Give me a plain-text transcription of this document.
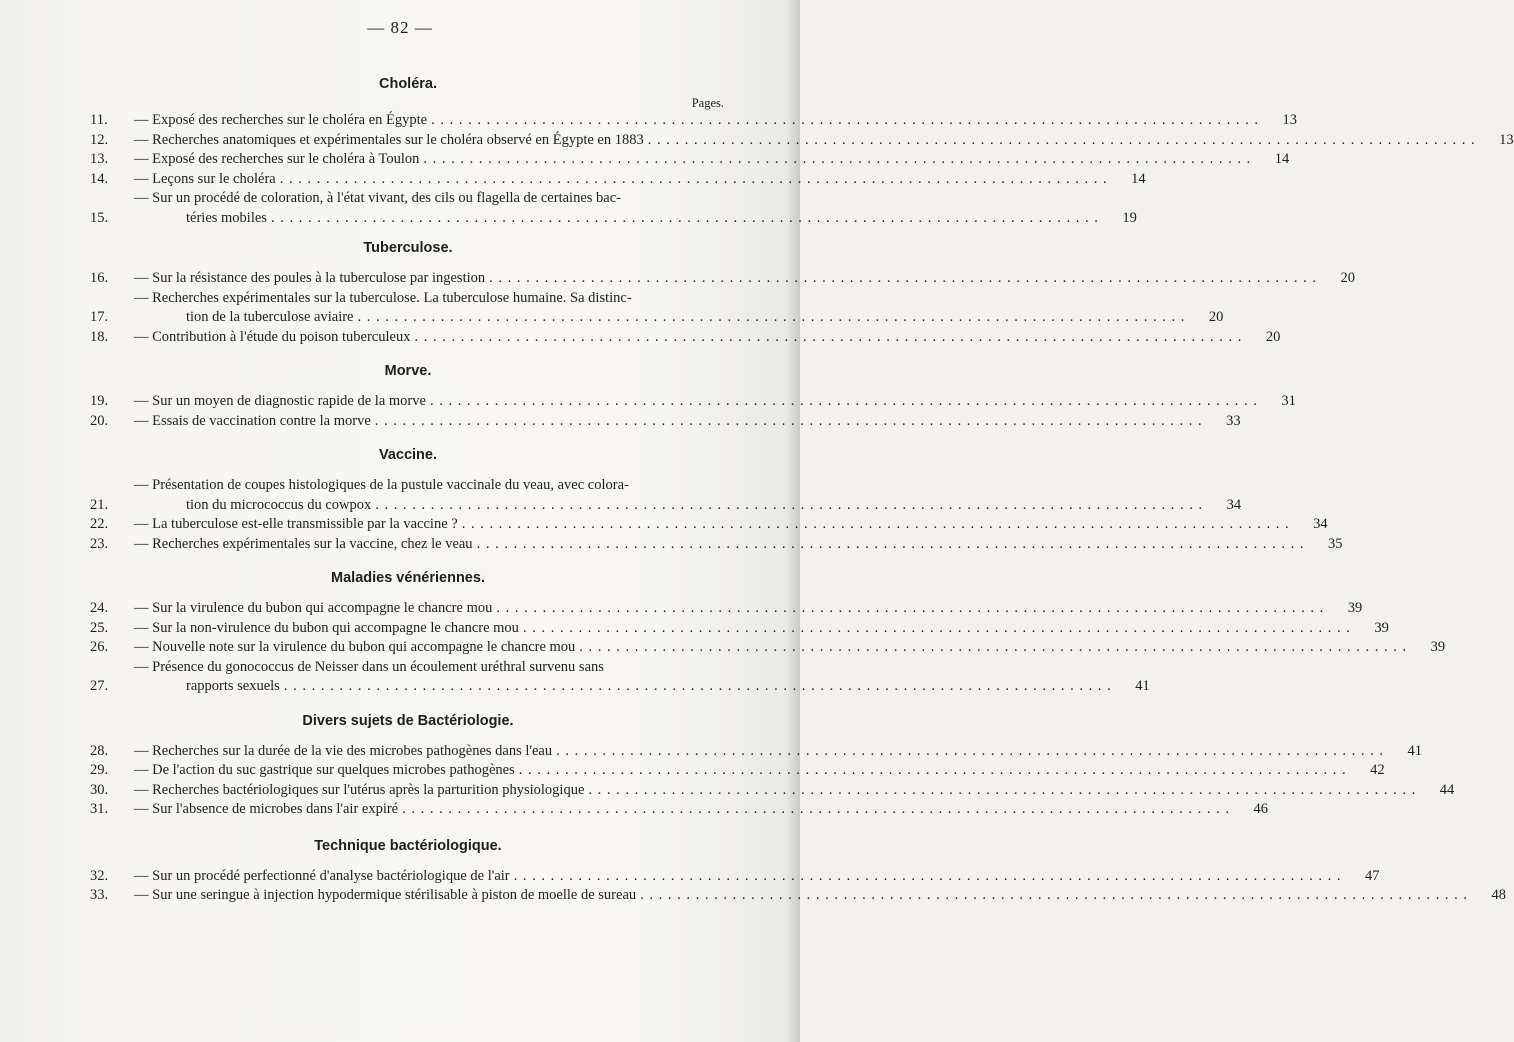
— 82 —
Choléra.
Pages.
11.	— Exposé des recherches sur le choléra en Égypte . . .	13
12.	— Recherches anatomiques et expérimentales sur le choléra observé en Égypte en 1883 . . .	13
13.	— Exposé des recherches sur le choléra à Toulon . . .	14
14.	— Leçons sur le choléra . . .	14
15.
— Sur un procédé de coloration, à l'état vivant, des cils ou flagella de certaines bac-
téries mobiles . . .	19
Tuberculose.
16.	— Sur la résistance des poules à la tuberculose par ingestion . . .	20
17.
— Recherches expérimentales sur la tuberculose. La tuberculose humaine. Sa distinc-
tion de la tuberculose aviaire . . .	20
18.	— Contribution à l'étude du poison tuberculeux . . .	20
Morve.
19.	— Sur un moyen de diagnostic rapide de la morve . . .	31
20.	— Essais de vaccination contre la morve . . .	33
Vaccine.
21.
— Présentation de coupes histologiques de la pustule vaccinale du veau, avec colora-
tion du micrococcus du cowpox . . .	34
22.	— La tuberculose est-elle transmissible par la vaccine ? . . .	34
23.	— Recherches expérimentales sur la vaccine, chez le veau . . .	35
Maladies vénériennes.
24.	— Sur la virulence du bubon qui accompagne le chancre mou . . .	39
25.	— Sur la non-virulence du bubon qui accompagne le chancre mou . . .	39
26.	— Nouvelle note sur la virulence du bubon qui accompagne le chancre mou . . .	39
27.
— Présence du gonococcus de Neisser dans un écoulement uréthral survenu sans
rapports sexuels . . .	41
Divers sujets de Bactériologie.
28.	— Recherches sur la durée de la vie des microbes pathogènes dans l'eau . . .	41
29.	— De l'action du suc gastrique sur quelques microbes pathogènes . . .	42
30.	— Recherches bactériologiques sur l'utérus après la parturition physiologique . . .	44
31.	— Sur l'absence de microbes dans l'air expiré . . .	46
Technique bactériologique.
32.	— Sur un procédé perfectionné d'analyse bactériologique de l'air . . .	47
33.	— Sur une seringue à injection hypodermique stérilisable à piston de moelle de sureau . . .	48
